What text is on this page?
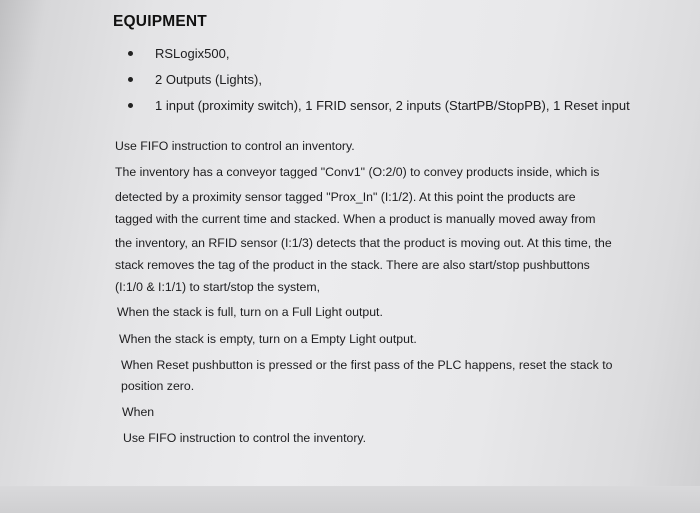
EQUIPMENT
RSLogix500,
2 Outputs (Lights),
1 input (proximity switch), 1 FRID sensor, 2 inputs (StartPB/StopPB), 1 Reset input
Use FIFO instruction to control an inventory.
The inventory has a conveyor tagged "Conv1" (O:2/0) to convey products inside, which is
detected by a proximity sensor tagged "Prox_In" (I:1/2). At this point the products are
tagged with the current time and stacked. When a product is manually moved away from
the inventory, an RFID sensor (I:1/3) detects that the product is moving out. At this time, the
stack removes the tag of the product in the stack. There are also start/stop pushbuttons
(I:1/0 & I:1/1) to start/stop the system,
When the stack is full, turn on a Full Light output.
When the stack is empty, turn on a Empty Light output.
When Reset pushbutton is pressed or the first pass of the PLC happens, reset the stack to
position zero.
When
Use FIFO instruction to control the inventory.
